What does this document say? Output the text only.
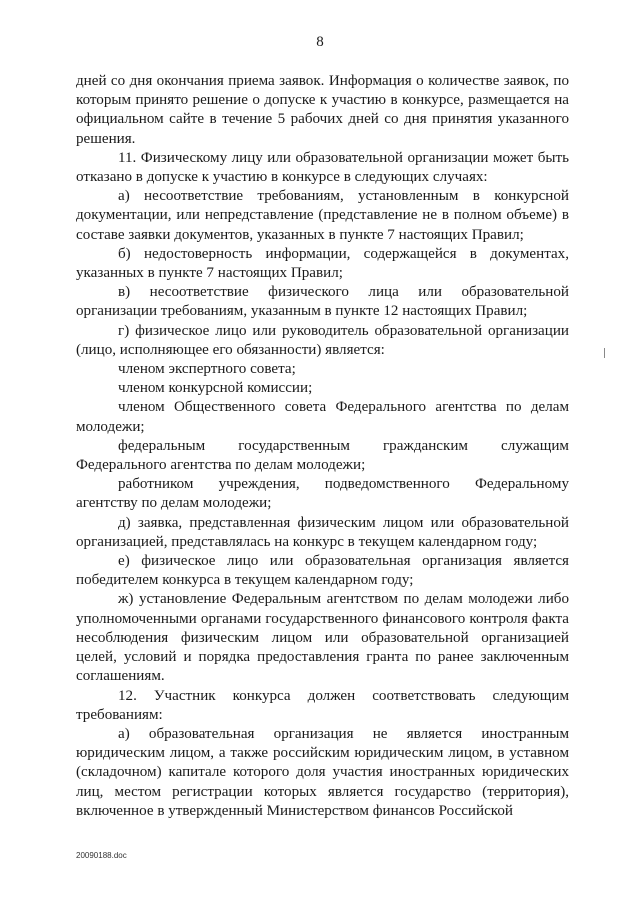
8

дней со дня окончания приема заявок. Информация о количестве заявок, по которым принято решение о допуске к участию в конкурсе, размещается на официальном сайте в течение 5 рабочих дней со дня принятия указанного решения.

11. Физическому лицу или образовательной организации может быть отказано в допуске к участию в конкурсе в следующих случаях:

а) несоответствие требованиям, установленным в конкурсной документации, или непредставление (представление не в полном объеме) в составе заявки документов, указанных в пункте 7 настоящих Правил;

б) недостоверность информации, содержащейся в документах, указанных в пункте 7 настоящих Правил;

в) несоответствие физического лица или образовательной организации требованиям, указанным в пункте 12 настоящих Правил;

г) физическое лицо или руководитель образовательной организации (лицо, исполняющее его обязанности) является:

членом экспертного совета;

членом конкурсной комиссии;

членом Общественного совета Федерального агентства по делам молодежи;

федеральным государственным гражданским служащим Федерального агентства по делам молодежи;

работником учреждения, подведомственного Федеральному агентству по делам молодежи;

д) заявка, представленная физическим лицом или образовательной организацией, представлялась на конкурс в текущем календарном году;

е) физическое лицо или образовательная организация является победителем конкурса в текущем календарном году;

ж) установление Федеральным агентством по делам молодежи либо уполномоченными органами государственного финансового контроля факта несоблюдения физическим лицом или образовательной организацией целей, условий и порядка предоставления гранта по ранее заключенным соглашениям.

12. Участник конкурса должен соответствовать следующим требованиям:

а) образовательная организация не является иностранным юридическим лицом, а также российским юридическим лицом, в уставном (складочном) капитале которого доля участия иностранных юридических лиц, местом регистрации которых является государство (территория), включенное в утвержденный Министерством финансов Российской

20090188.doc
